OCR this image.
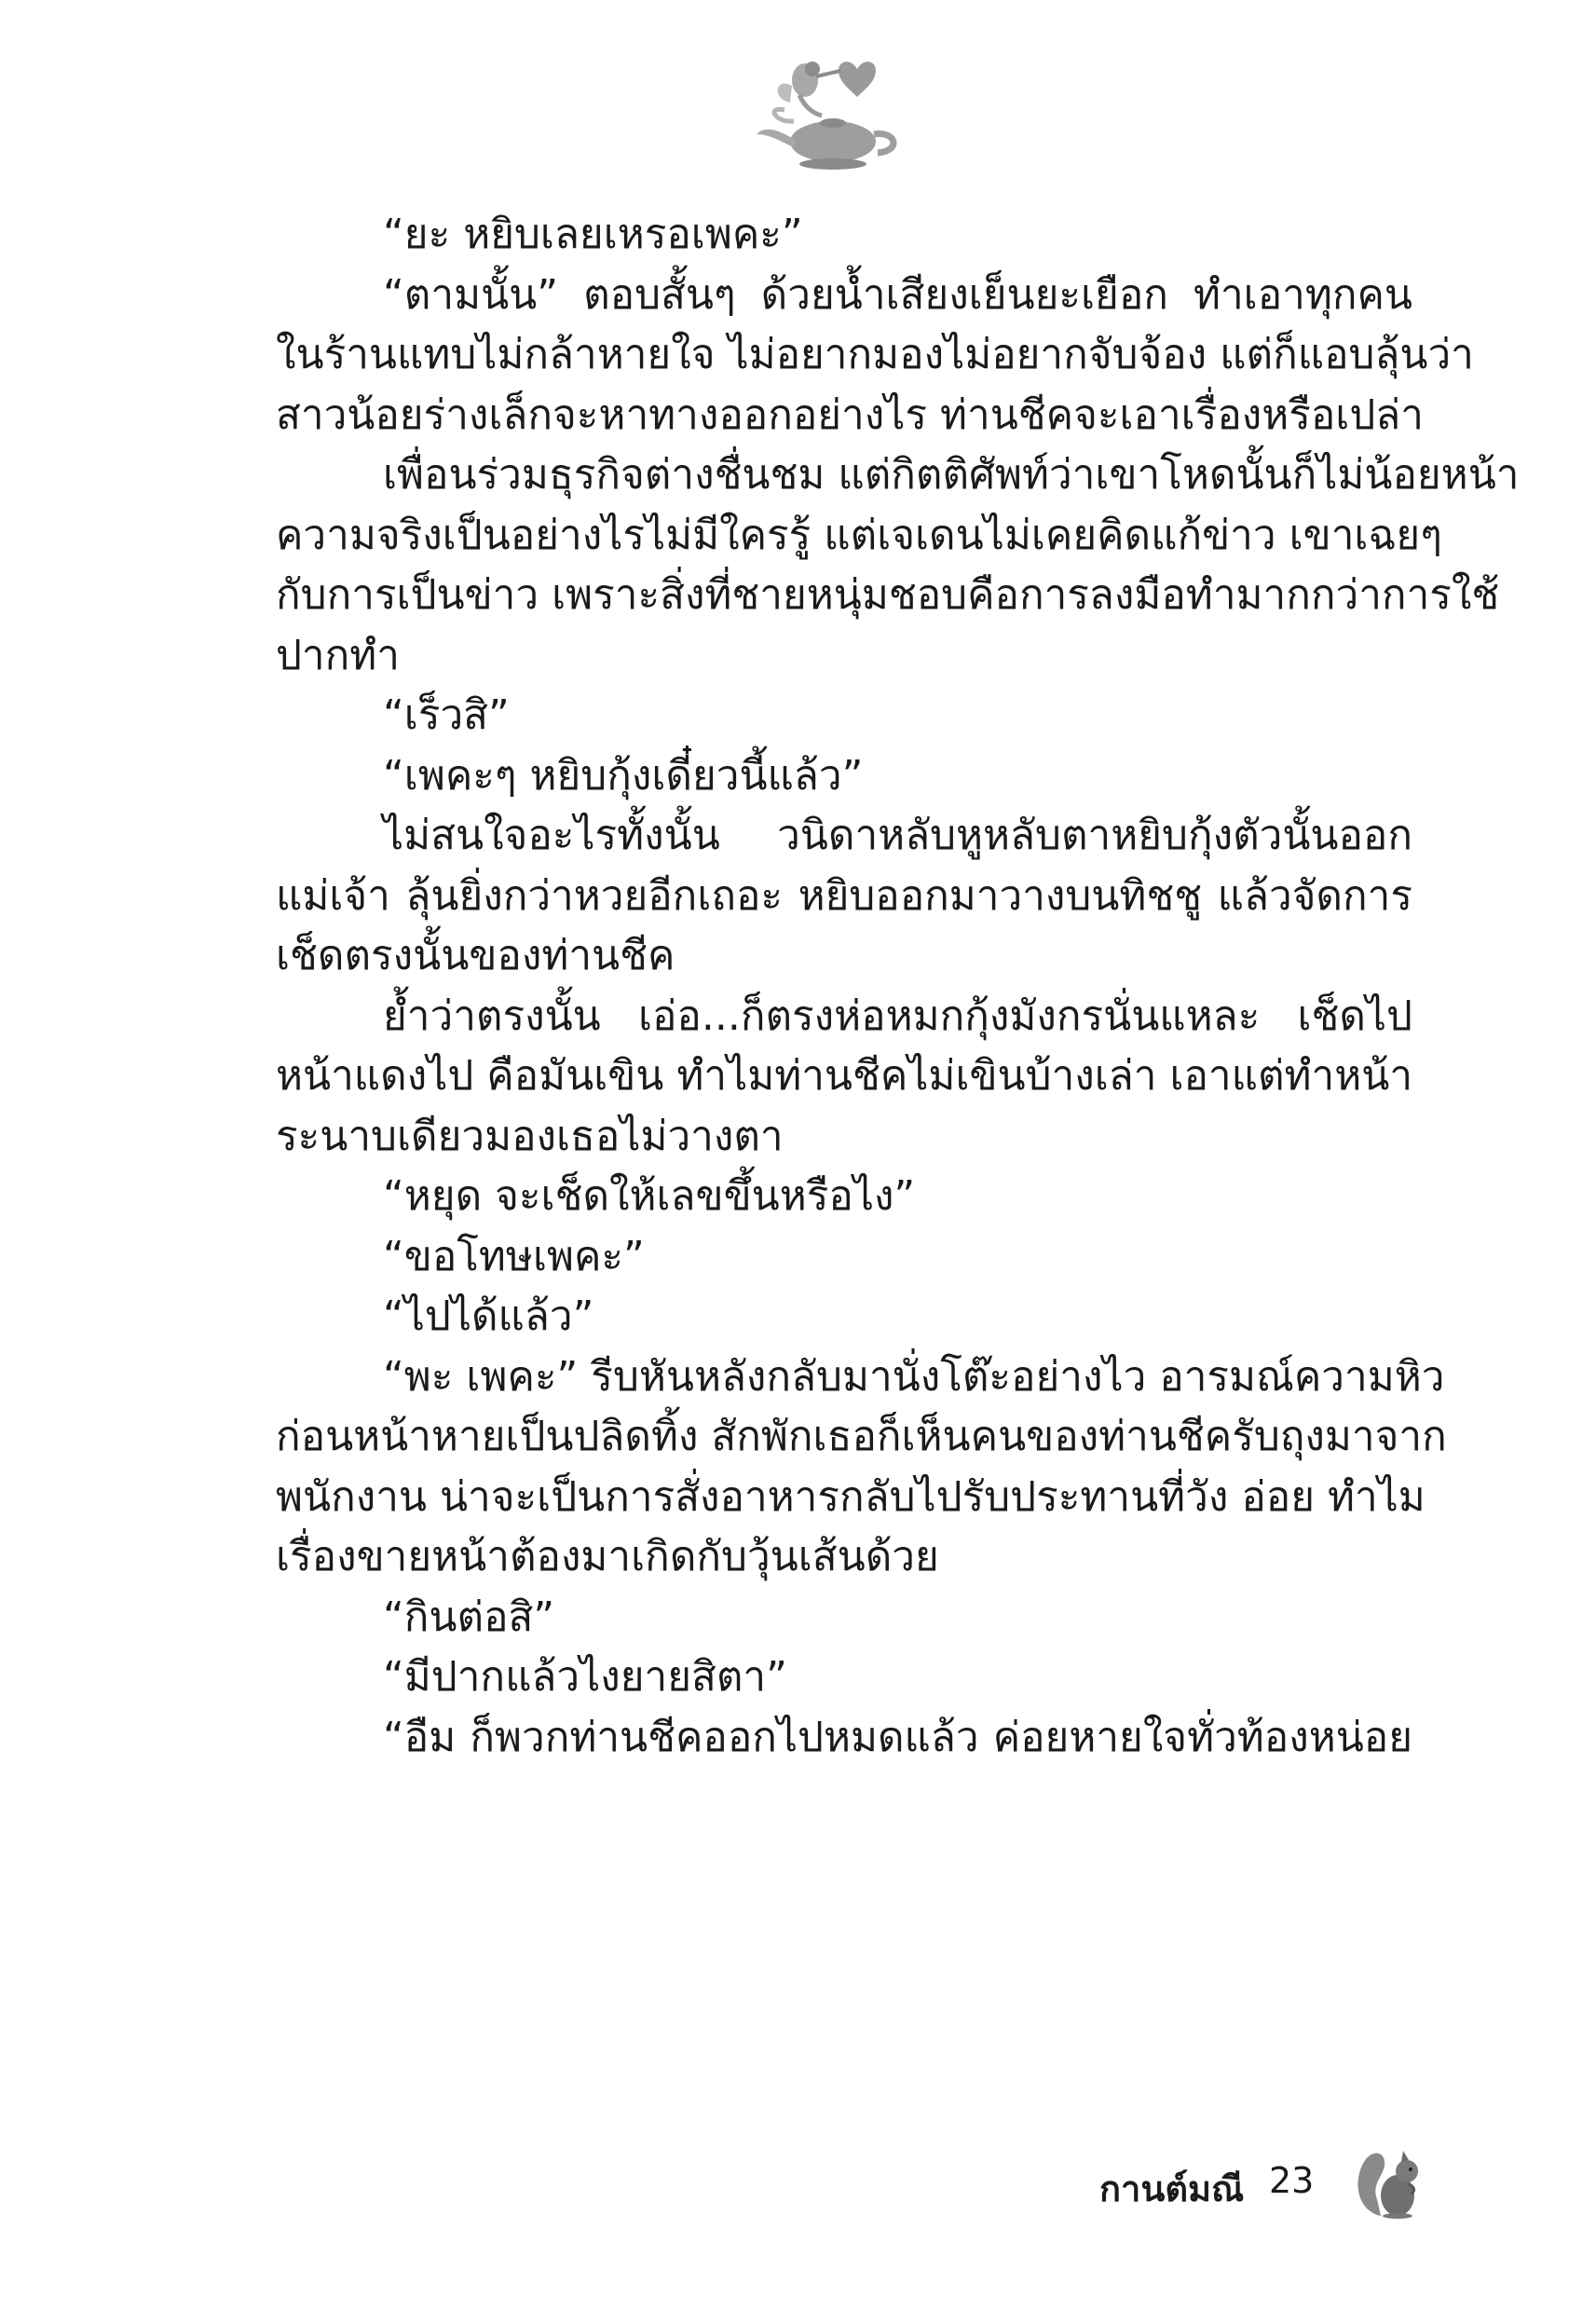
“ยะ หยิบเลยเหรอเพคะ”
“ตามนั้น” ตอบสั้นๆ ด้วยน้ำเสียงเย็นยะเยือก ทำเอาทุกคน
ในร้านแทบไม่กล้าหายใจ ไม่อยากมองไม่อยากจับจ้อง แต่ก็แอบลุ้นว่า
สาวน้อยร่างเล็กจะหาทางออกอย่างไร ท่านชีคจะเอาเรื่องหรือเปล่า
เพื่อนร่วมธุรกิจต่างชื่นชม แต่กิตติศัพท์ว่าเขาโหดนั้นก็ไม่น้อยหน้า
ความจริงเป็นอย่างไรไม่มีใครรู้ แต่เจเดนไม่เคยคิดแก้ข่าว เขาเฉยๆ
กับการเป็นข่าว เพราะสิ่งที่ชายหนุ่มชอบคือการลงมือทำมากกว่าการใช้
ปากทำ
“เร็วสิ”
“เพคะๆ หยิบกุ้งเดี๋ยวนี้แล้ว”
ไม่สนใจอะไรทั้งนั้น วนิดาหลับหูหลับตาหยิบกุ้งตัวนั้นออก
แม่เจ้า ลุ้นยิ่งกว่าหวยอีกเถอะ หยิบออกมาวางบนทิชชู แล้วจัดการ
เช็ดตรงนั้นของท่านชีค
ย้ำว่าตรงนั้น เอ่อ...ก็ตรงห่อหมกกุ้งมังกรนั่นแหละ เช็ดไป
หน้าแดงไป คือมันเขิน ทำไมท่านชีคไม่เขินบ้างเล่า เอาแต่ทำหน้า
ระนาบเดียวมองเธอไม่วางตา
“หยุด จะเช็ดให้เลขขึ้นหรือไง”
“ขอโทษเพคะ”
“ไปได้แล้ว”
“พะ เพคะ” รีบหันหลังกลับมานั่งโต๊ะอย่างไว อารมณ์ความหิว
ก่อนหน้าหายเป็นปลิดทิ้ง สักพักเธอก็เห็นคนของท่านชีครับถุงมาจาก
พนักงาน น่าจะเป็นการสั่งอาหารกลับไปรับประทานที่วัง อ่อย ทำไม
เรื่องขายหน้าต้องมาเกิดกับวุ้นเส้นด้วย
“กินต่อสิ”
“มีปากแล้วไงยายสิตา”
“อืม ก็พวกท่านชีคออกไปหมดแล้ว ค่อยหายใจทั่วท้องหน่อย
กานต์มณี 23
